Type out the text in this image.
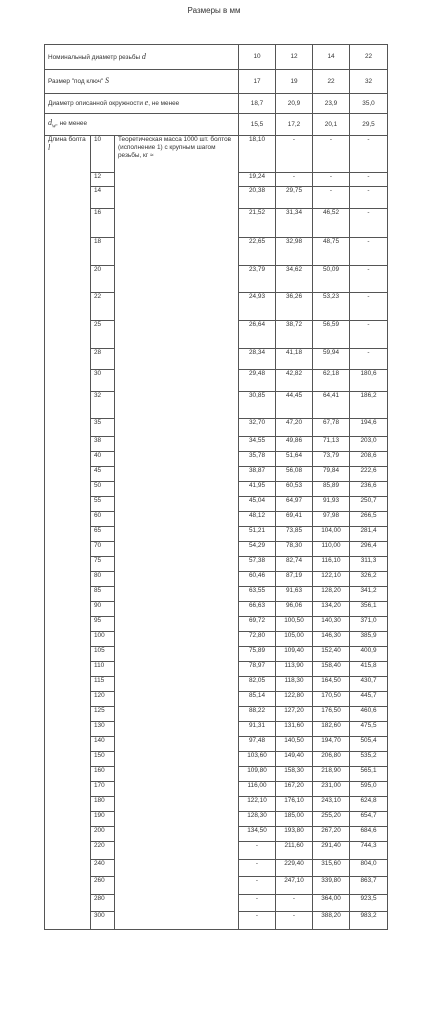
Размеры в мм
Номинальный диаметр резьбы d			10	12	14	22
Размер "под ключ" S			17	19	22	32
Диаметр описанной окружности e, не менее			18,7	20,9	23,9	35,0
$d_w$, не менее			15,5	17,2	20,1	29,5
Длина болта l	10	Теоретическая масса 1000 шт. болтов (исполнение 1) с крупным шагом резьбы, кг ≈	18,10	-	-	-
	12		19,24	-	-	-
	14		20,38	29,75	-	-
	16		21,52	31,34	46,52	-
	18		22,65	32,98	48,75	-
	20		23,79	34,62	50,09	-
	22		24,93	36,26	53,23	-
	25		26,64	38,72	56,59	-
	28		28,34	41,18	59,94	-
	30		29,48	42,82	62,18	180,6
	32		30,85	44,45	64,41	186,2
	35		32,70	47,20	67,78	194,6
	38		34,55	49,86	71,13	203,0
	40		35,78	51,64	73,79	208,6
	45		38,87	56,08	79,84	222,6
	50		41,95	60,53	85,89	236,6
	55		45,04	64,97	91,93	250,7
	60		48,12	69,41	97,98	266,5
	65		51,21	73,85	104,00	281,4
	70		54,29	78,30	110,00	296,4
	75		57,38	82,74	116,10	311,3
	80		60,46	87,19	122,10	326,2
	85		63,55	91,63	128,20	341,2
	90		66,63	96,06	134,20	356,1
	95		69,72	100,50	140,30	371,0
	100		72,80	105,00	146,30	385,9
	105		75,89	109,40	152,40	400,9
	110		78,97	113,90	158,40	415,8
	115		82,05	118,30	164,50	430,7
	120		85,14	122,80	170,50	445,7
	125		88,22	127,20	176,50	460,6
	130		91,31	131,60	182,60	475,5
	140		97,48	140,50	194,70	505,4
	150		103,60	149,40	206,80	535,2
	160		109,80	158,30	218,90	565,1
	170		116,00	167,20	231,00	595,0
	180		122,10	176,10	243,10	624,8
	190		128,30	185,00	255,20	654,7
	200		134,50	193,80	267,20	684,6
	220		-	211,60	291,40	744,3
	240		-	229,40	315,60	804,0
	260		-	247,10	339,80	863,7
	280		-	-	364,00	923,5
	300		-	-	388,20	983,2
